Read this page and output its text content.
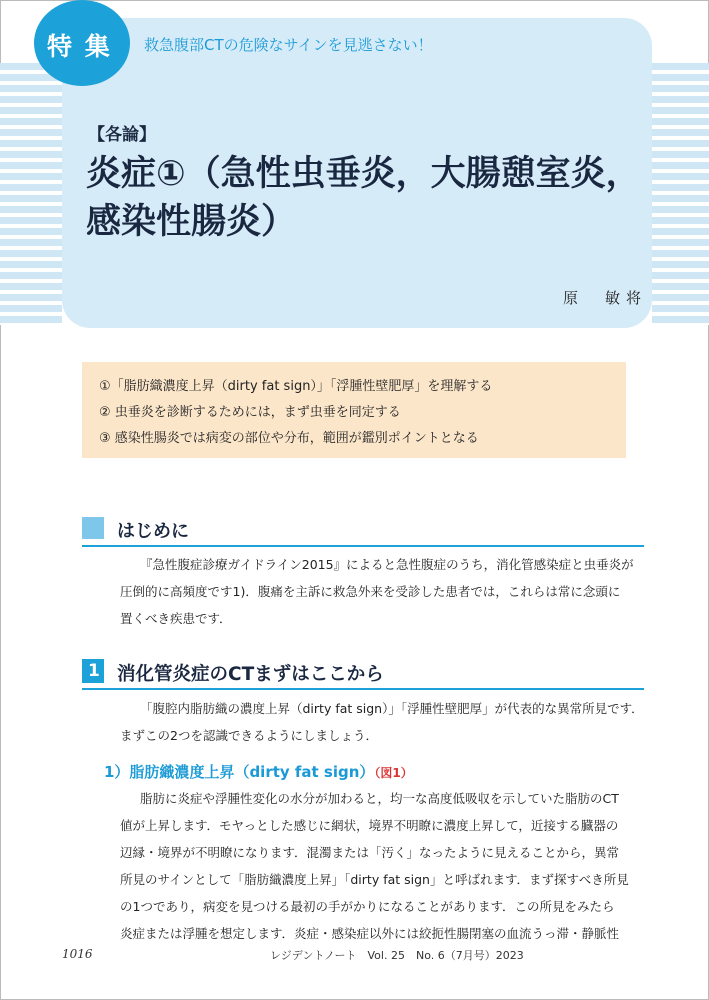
特 集 救急腹部CTの危険なサインを見逃さない！
【各論】
炎症①（急性虫垂炎，大腸憩室炎，
感染性腸炎）
原　敏将
①「脂肪織濃度上昇（dirty fat sign）」「浮腫性壁肥厚」を理解する
② 虫垂炎を診断するためには，まず虫垂を同定する
③ 感染性腸炎では病変の部位や分布，範囲が鑑別ポイントとなる
はじめに
『急性腹症診療ガイドライン2015』によると急性腹症のうち，消化管感染症と虫垂炎が
圧倒的に高頻度です1)．腹痛を主訴に救急外来を受診した患者では，これらは常に念頭に
置くべき疾患です．
1 消化管炎症のCTまずはここから
「腹腔内脂肪織の濃度上昇（dirty fat sign）」「浮腫性壁肥厚」が代表的な異常所見です．
まずこの2つを認識できるようにしましょう．
1）脂肪織濃度上昇（dirty fat sign）（図1）
脂肪に炎症や浮腫性変化の水分が加わると，均一な高度低吸収を示していた脂肪のCT
値が上昇します．モヤっとした感じに網状，境界不明瞭に濃度上昇して，近接する臓器の
辺縁・境界が不明瞭になります．混濁または「汚く」なったように見えることから，異常
所見のサインとして「脂肪織濃度上昇」「dirty fat sign」と呼ばれます．まず探すべき所見
の1つであり，病変を見つける最初の手がかりになることがあります．この所見をみたら
炎症または浮腫を想定します．炎症・感染症以外には絞扼性腸閉塞の血流うっ滞・静脈性
1016	レジデントノート　Vol. 25　No. 6（7月号）2023
